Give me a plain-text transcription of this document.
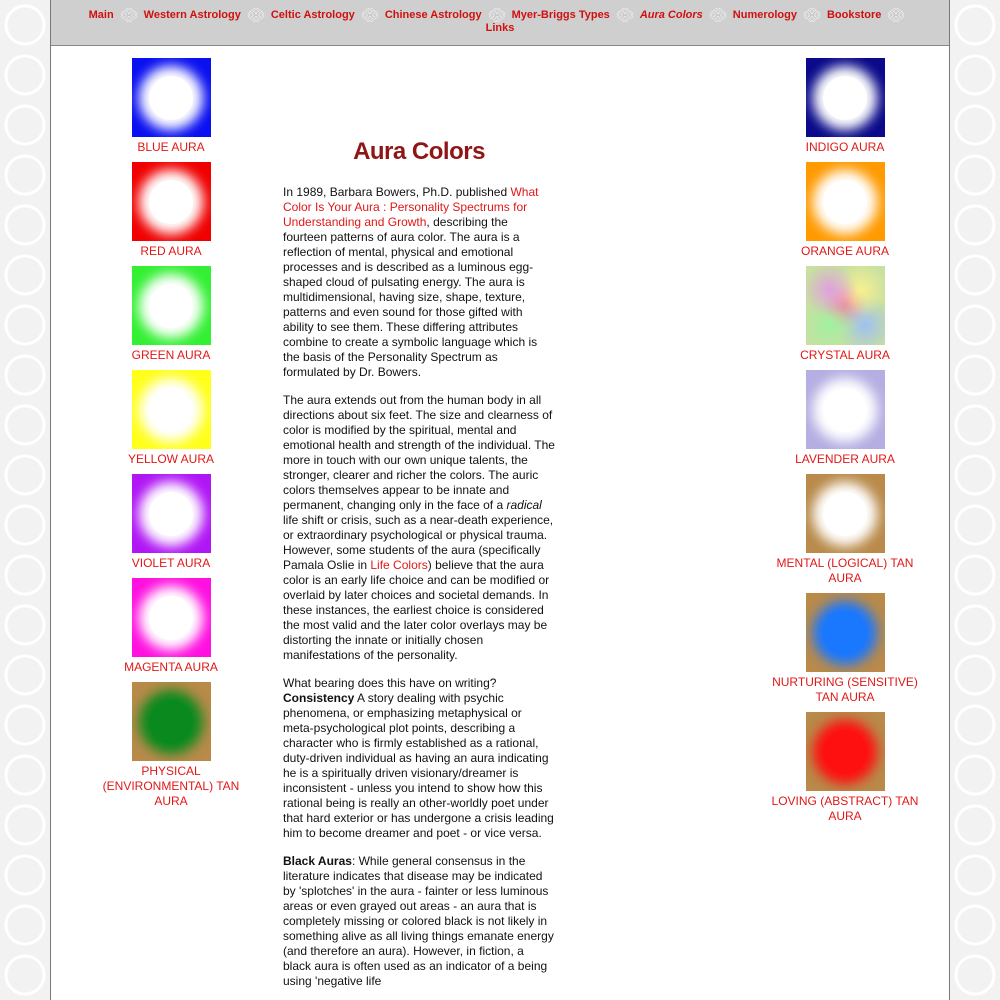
Main	Western Astrology	Celtic Astrology	Chinese Astrology	Myer-Briggs Types	Aura Colors	Numerology	BookstoreLinks
BLUE AURA
RED AURA
GREEN AURA
YELLOW AURA
VIOLET AURA
MAGENTA AURA
PHYSICAL (ENVIRONMENTAL) TAN AURA
INDIGO AURA
ORANGE AURA
CRYSTAL AURA
LAVENDER AURA
MENTAL (LOGICAL) TAN AURA
NURTURING (SENSITIVE) TAN AURA
LOVING (ABSTRACT) TAN AURA
Aura Colors

In 1989, Barbara Bowers, Ph.D. published What Color Is Your Aura : Personality Spectrums for Understanding and Growth, describing the fourteen patterns of aura color. The aura is a reflection of mental, physical and emotional processes and is described as a luminous egg-shaped cloud of pulsating energy. The aura is multidimensional, having size, shape, texture, patterns and even sound for those gifted with ability to see them. These differing attributes combine to create a symbolic language which is the basis of the Personality Spectrum as formulated by Dr. Bowers.

The aura extends out from the human body in all directions about six feet. The size and clearness of color is modified by the spiritual, mental and emotional health and strength of the individual. The more in touch with our own unique talents, the stronger, clearer and richer the colors. The auric colors themselves appear to be innate and permanent, changing only in the face of a radical life shift or crisis, such as a near-death experience, or extraordinary psychological or physical trauma. However, some students of the aura (specifically Pamala Oslie in Life Colors) believe that the aura color is an early life choice and can be modified or overlaid by later choices and societal demands. In these instances, the earliest choice is considered the most valid and the later color overlays may be distorting the innate or initially chosen manifestations of the personality.

What bearing does this have on writing? Consistency A story dealing with psychic phenomena, or emphasizing metaphysical or meta-psychological plot points, describing a character who is firmly established as a rational, duty-driven individual as having an aura indicating he is a spiritually driven visionary/dreamer is inconsistent - unless you intend to show how this rational being is really an other-worldly poet under that hard exterior or has undergone a crisis leading him to become dreamer and poet - or vice versa.

Black Auras: While general consensus in the literature indicates that disease may be indicated by 'splotches' in the aura - fainter or less luminous areas or even grayed out areas - an aura that is completely missing or colored black is not likely in something alive as all living things emanate energy (and therefore an aura). However, in fiction, a black aura is often used as an indicator of a being using 'negative life
